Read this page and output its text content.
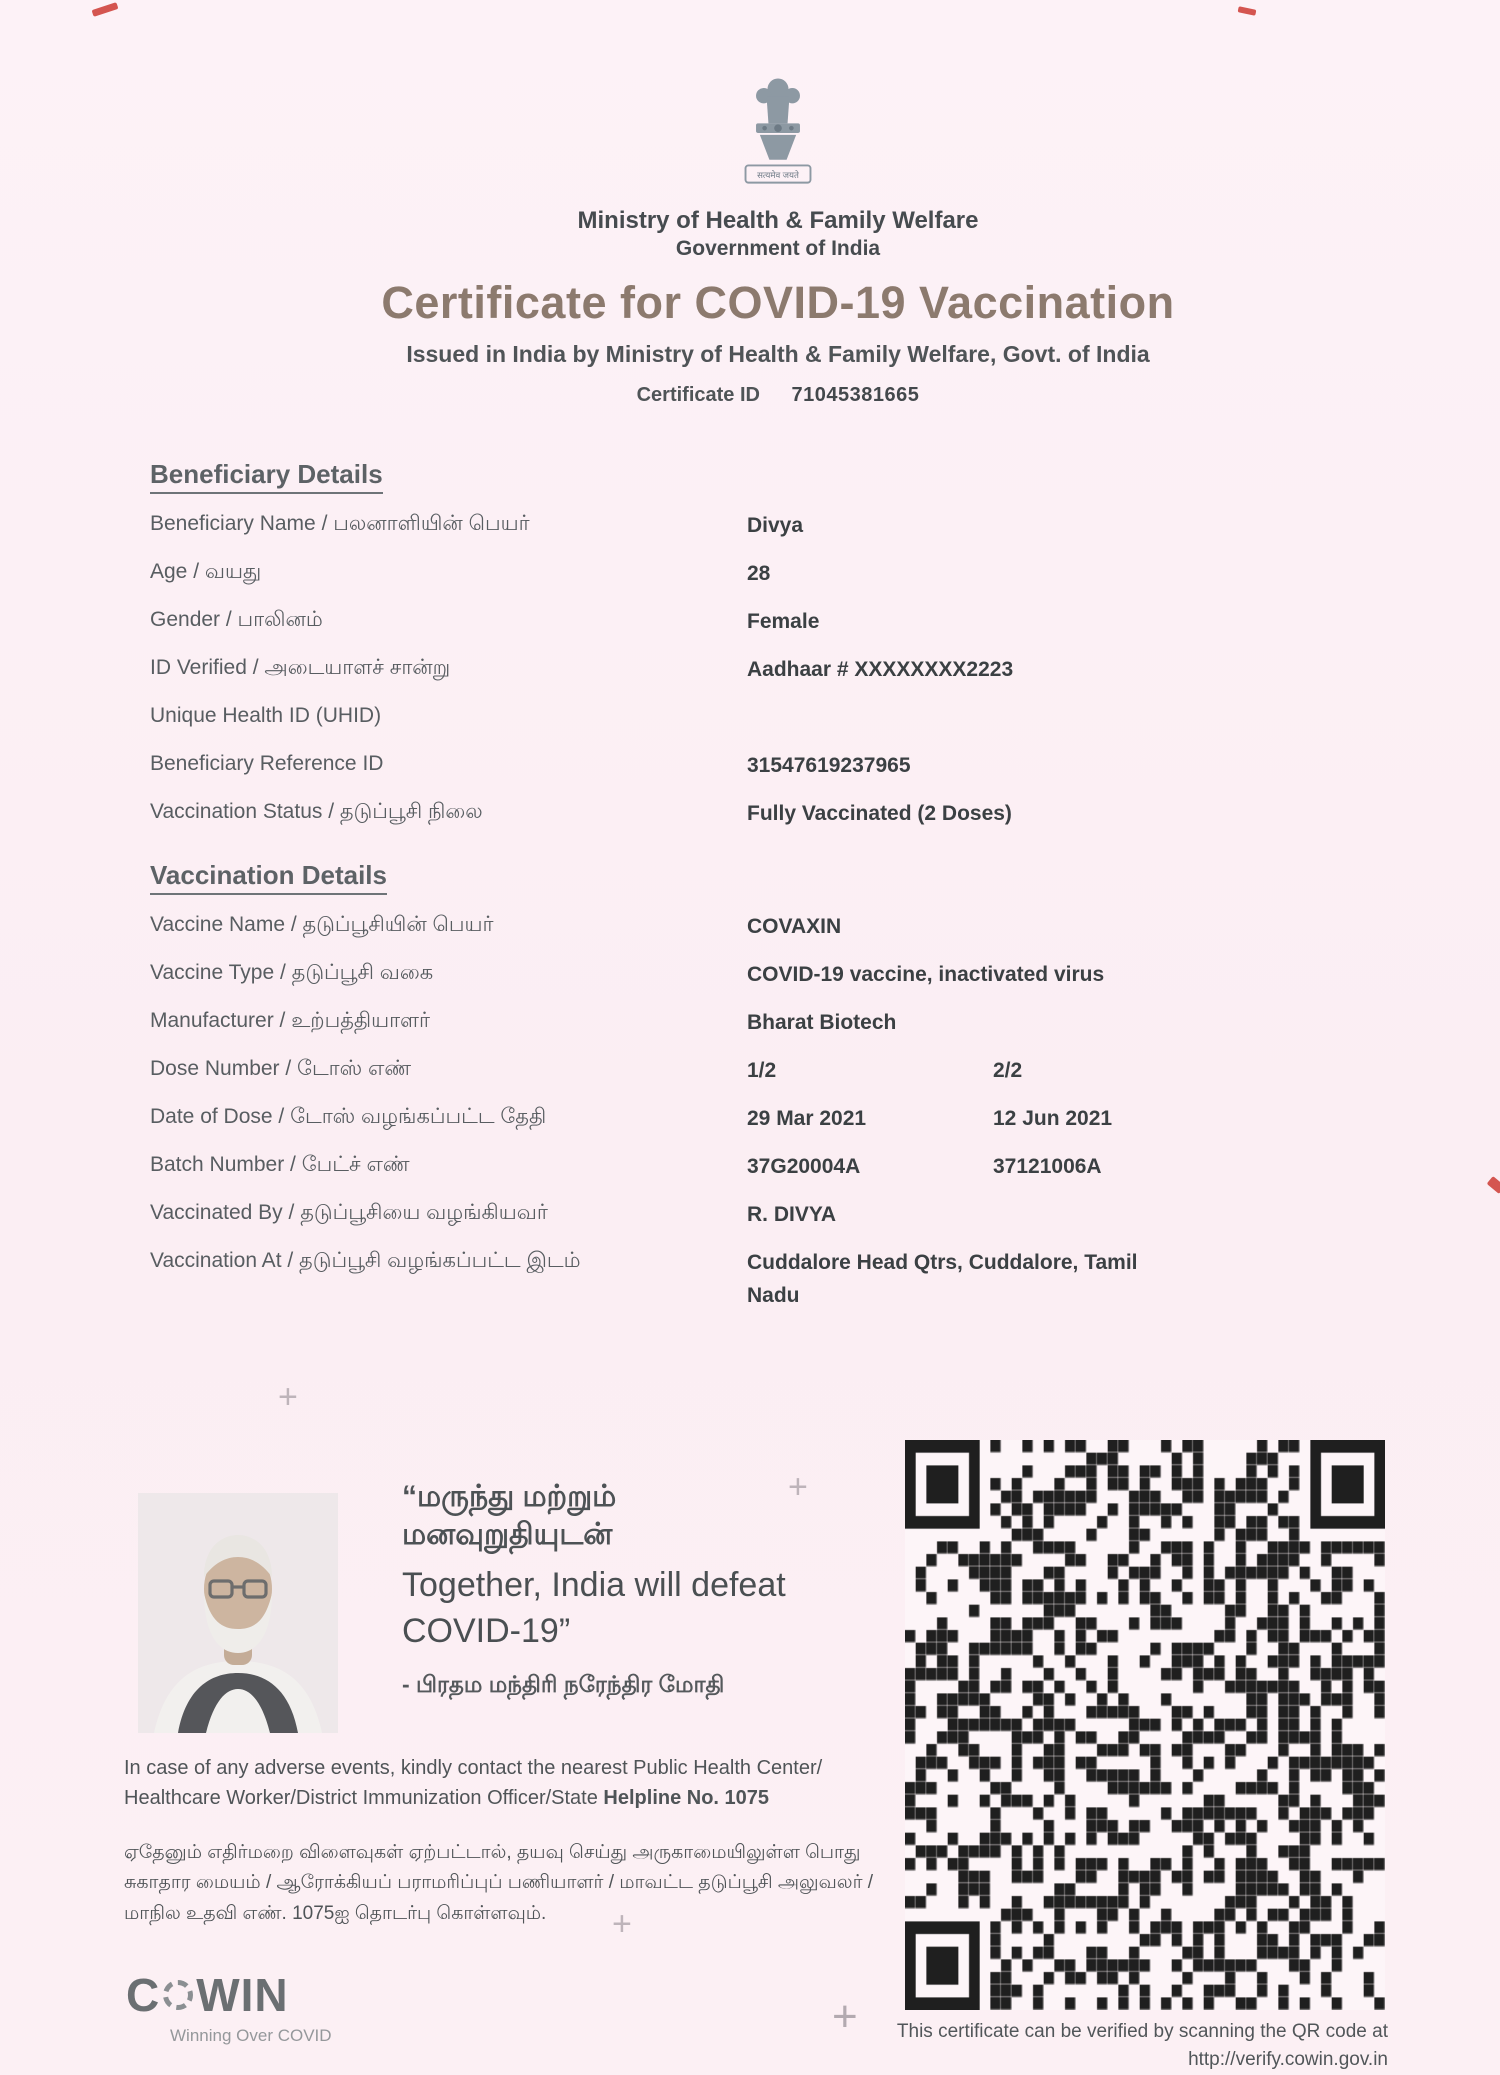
+
+
+
+
सत्यमेव जयते
Ministry of Health & Family Welfare
Government of India
Certificate for COVID-19 Vaccination
Issued in India by Ministry of Health & Family Welfare, Govt. of India
Certificate ID 71045381665
Beneficiary Details
Beneficiary Name / பலனாளியின் பெயர்	Divya
Age / வயது	28
Gender / பாலினம்	Female
ID Verified / அடையாளச் சான்று	Aadhaar # XXXXXXXX2223
Unique Health ID (UHID)
Beneficiary Reference ID	31547619237965
Vaccination Status / தடுப்பூசி நிலை	Fully Vaccinated (2 Doses)
Vaccination Details
Vaccine Name / தடுப்பூசியின் பெயர்	COVAXIN
Vaccine Type / தடுப்பூசி வகை	COVID-19 vaccine, inactivated virus
Manufacturer / உற்பத்தியாளர்	Bharat Biotech
Dose Number / டோஸ் எண்	1/2	2/2
Date of Dose / டோஸ் வழங்கப்பட்ட தேதி	29 Mar 2021	12 Jun 2021
Batch Number / பேட்ச் எண்	37G20004A	37121006A
Vaccinated By / தடுப்பூசியை வழங்கியவர்	R. DIVYA
Vaccination At / தடுப்பூசி வழங்கப்பட்ட இடம்	Cuddalore Head Qtrs, Cuddalore, Tamil Nadu
“மருந்து மற்றும்
மனவுறுதியுடன்
Together, India will defeat
COVID-19”
- பிரதம மந்திரி நரேந்திர மோதி
In case of any adverse events, kindly contact the nearest Public Health Center/
Healthcare Worker/District Immunization Officer/State Helpline No. 1075
ஏதேனும் எதிர்மறை விளைவுகள் ஏற்பட்டால், தயவு செய்து அருகாமையிலுள்ள பொது சுகாதார மையம் / ஆரோக்கியப் பராமரிப்புப் பணியாளர் / மாவட்ட தடுப்பூசி அலுவலர் / மாநில உதவி எண். 1075ஐ தொடர்பு கொள்ளவும்.
C WIN
Winning Over COVID	This certificate can be verified by scanning the QR code at
http://verify.cowin.gov.in
